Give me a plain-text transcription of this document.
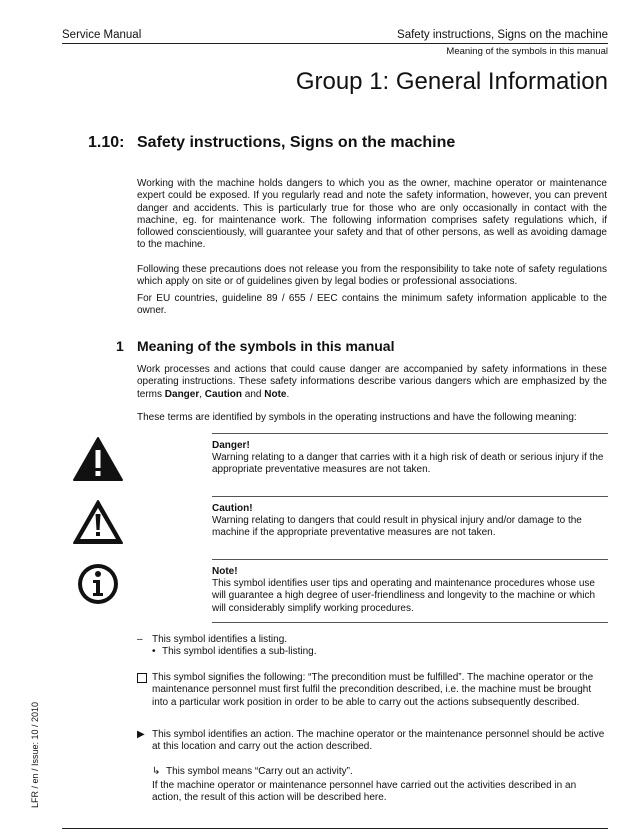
Service Manual	Safety instructions, Signs on the machine
Meaning of the symbols in this manual
Group 1: General Information
1.10: Safety instructions, Signs on the machine

Working with the machine holds dangers to which you as the owner, machine operator or maintenance expert could be exposed. If you regularly read and note the safety information, however, you can prevent danger and accidents. This is particularly true for those who are only occasionally in contact with the machine, eg. for maintenance work. The following information comprises safety regulations which, if followed conscientiously, will guarantee your safety and that of other persons, as well as avoiding damage to the machine.

Following these precautions does not release you from the responsibility to take note of safety regulations which apply on site or of guidelines given by legal bodies or professional associations.

For EU countries, guideline 89 / 655 / EEC contains the minimum safety information applicable to the owner.

1 Meaning of the symbols in this manual

Work processes and actions that could cause danger are accompanied by safety informations in these operating instructions. These safety informations describe various dangers which are emphasized by the terms Danger, Caution and Note.

These terms are identified by symbols in the operating instructions and have the following meaning:

Danger!

Warning relating to a danger that carries with it a high risk of death or serious injury if the appropriate preventative measures are not taken.

Caution!

Warning relating to dangers that could result in physical injury and/or damage to the machine if the appropriate preventative measures are not taken.

Note!

This symbol identifies user tips and operating and maintenance procedures whose use will guarantee a high degree of user-friendliness and longevity to the machine or which will considerably simplify working procedures.

– This symbol identifies a listing.
• This symbol identifies a sub-listing.

This symbol signifies the following: “The precondition must be fulfilled”. The machine operator or the maintenance personnel must first fulfil the precondition described, i.e. the machine must be brought into a particular work position in order to be able to carry out the actions subsequently described.

▶ This symbol identifies an action. The machine operator or the maintenance personnel should be active at this location and carry out the action described.

↳ This symbol means “Carry out an activity”.

If the machine operator or maintenance personnel have carried out the activities described in an action, the result of this action will be described here.

LFR / en / Issue: 10 / 2010
